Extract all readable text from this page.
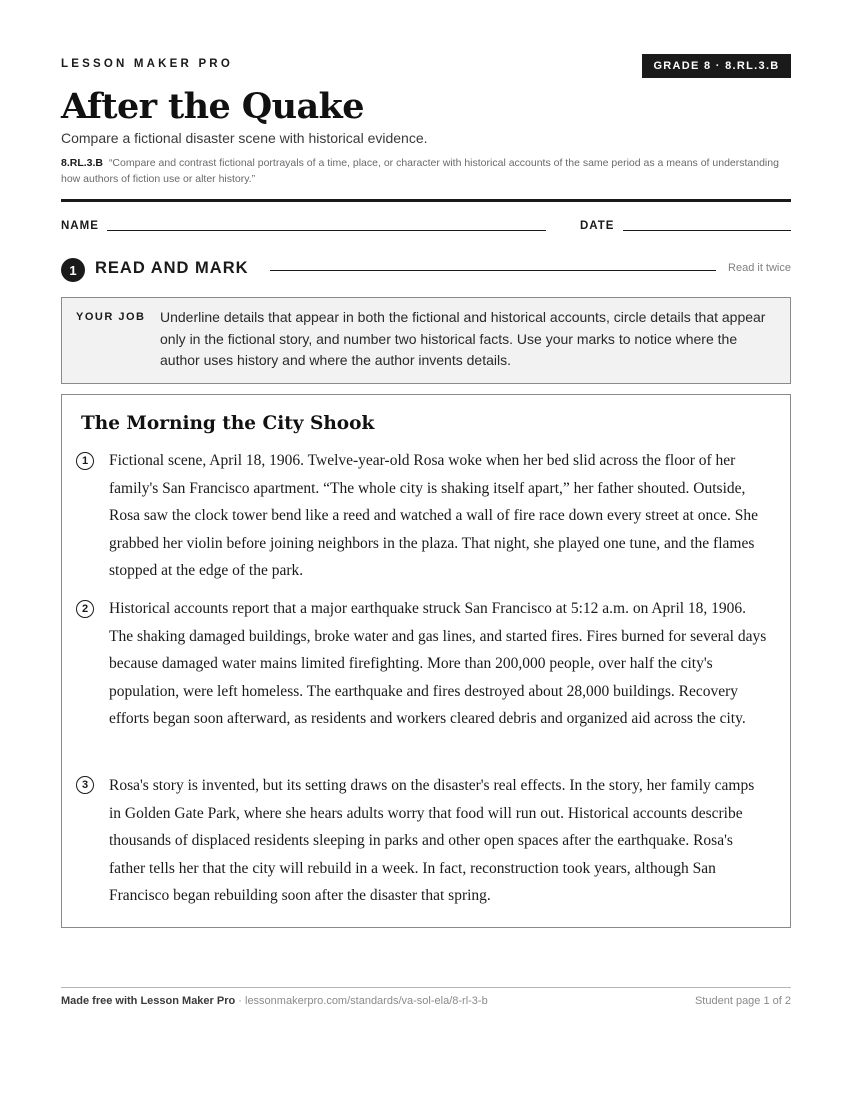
LESSON MAKER PRO	GRADE 8 · 8.RL.3.B
After the Quake
Compare a fictional disaster scene with historical evidence.
8.RL.3.B “Compare and contrast fictional portrayals of a time, place, or character with historical accounts of the same period as a means of understanding how authors of fiction use or alter history.”
NAME	DATE
1	READ AND MARK	Read it twice
YOUR JOB Underline details that appear in both the fictional and historical accounts, circle details that appear only in the fictional story, and number two historical facts. Use your marks to notice where the author uses history and where the author invents details.
The Morning the City Shook
1	Fictional scene, April 18, 1906. Twelve-year-old Rosa woke when her bed slid across the floor of her family's San Francisco apartment. “The whole city is shaking itself apart,” her father shouted. Outside, Rosa saw the clock tower bend like a reed and watched a wall of fire race down every street at once. She grabbed her violin before joining neighbors in the plaza. That night, she played one tune, and the flames stopped at the edge of the park.
2	Historical accounts report that a major earthquake struck San Francisco at 5:12 a.m. on April 18, 1906. The shaking damaged buildings, broke water and gas lines, and started fires. Fires burned for several days because damaged water mains limited firefighting. More than 200,000 people, over half the city's population, were left homeless. The earthquake and fires destroyed about 28,000 buildings. Recovery efforts began soon afterward, as residents and workers cleared debris and organized aid across the city.
3	Rosa's story is invented, but its setting draws on the disaster's real effects. In the story, her family camps in Golden Gate Park, where she hears adults worry that food will run out. Historical accounts describe thousands of displaced residents sleeping in parks and other open spaces after the earthquake. Rosa's father tells her that the city will rebuild in a week. In fact, reconstruction took years, although San Francisco began rebuilding soon after the disaster that spring.
Made free with Lesson Maker Pro · lessonmakerpro.com/standards/va-sol-ela/8-rl-3-b	Student page 1 of 2
